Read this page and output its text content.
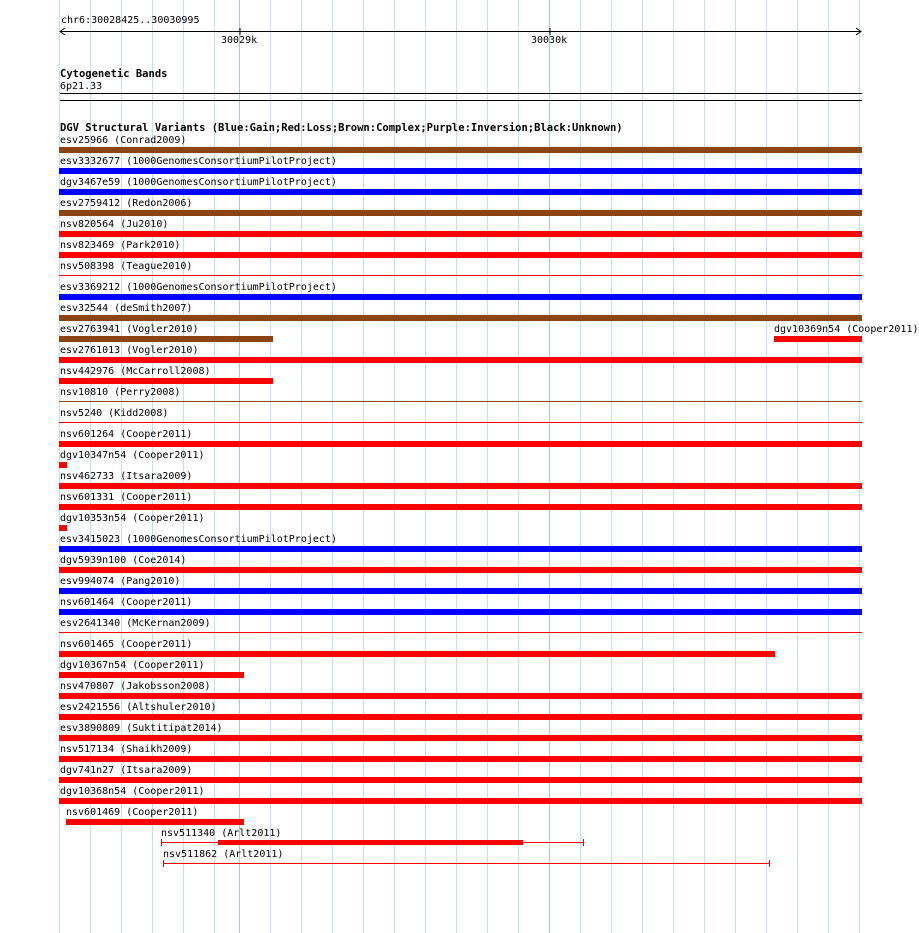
chr6:30028425..30030995
30029k	30030k
Cytogenetic Bands
6p21.33
DGV Structural Variants (Blue:Gain;Red:Loss;Brown:Complex;Purple:Inversion;Black:Unknown)
esv25966 (Conrad2009)
esv3332677 (1000GenomesConsortiumPilotProject)
dgv3467e59 (1000GenomesConsortiumPilotProject)
esv2759412 (Redon2006)
nsv820564 (Ju2010)
nsv823469 (Park2010)
nsv508398 (Teague2010)
esv3369212 (1000GenomesConsortiumPilotProject)
esv32544 (deSmith2007)
esv2763941 (Vogler2010)	dgv10369n54 (Cooper2011)
esv2761013 (Vogler2010)
nsv442976 (McCarroll2008)
nsv10810 (Perry2008)
nsv5240 (Kidd2008)
nsv601264 (Cooper2011)
dgv10347n54 (Cooper2011)
nsv462733 (Itsara2009)
nsv601331 (Cooper2011)
dgv10353n54 (Cooper2011)
esv3415023 (1000GenomesConsortiumPilotProject)
dgv5939n100 (Coe2014)
esv994074 (Pang2010)
nsv601464 (Cooper2011)
esv2641340 (McKernan2009)
nsv601465 (Cooper2011)
dgv10367n54 (Cooper2011)
nsv470807 (Jakobsson2008)
esv2421556 (Altshuler2010)
esv3890809 (Suktitipat2014)
nsv517134 (Shaikh2009)
dgv741n27 (Itsara2009)
dgv10368n54 (Cooper2011)
nsv601469 (Cooper2011)
nsv511340 (Arlt2011)
nsv511862 (Arlt2011)
